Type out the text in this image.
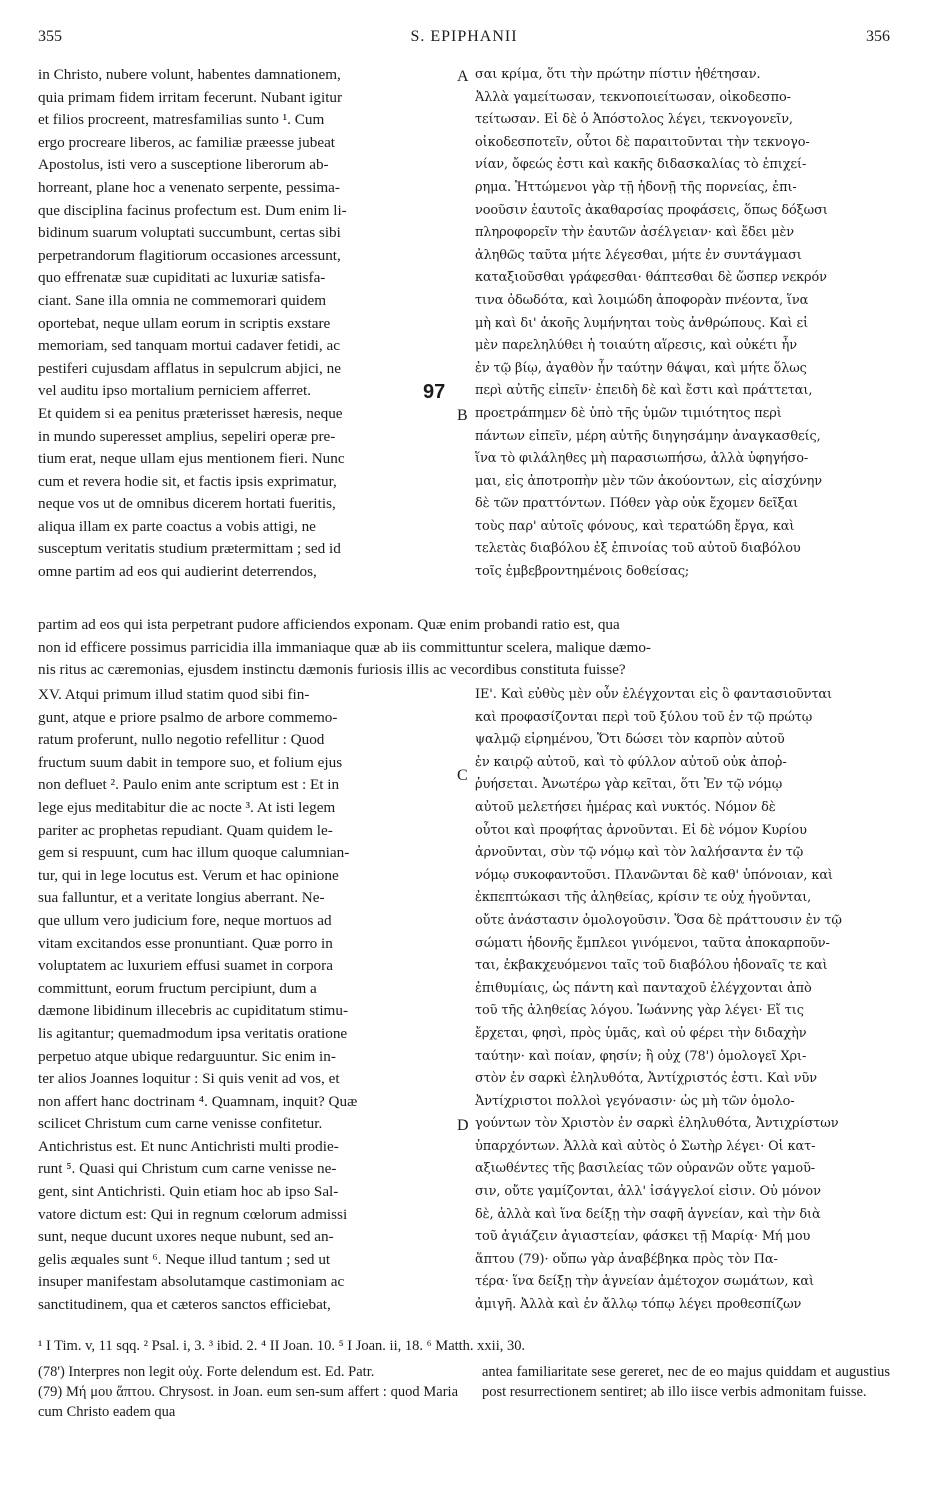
355	S. EPIPHANII	356
in Christo, nubere volunt, habentes damnationem,
quia primam fidem irritam fecerunt. Nubant igitur
et filios procreent, matresfamilias sunto ¹. Cum
ergo procreare liberos, ac familiæ præesse jubeat
Apostolus, isti vero a susceptione liberorum ab-
horreant, plane hoc a venenato serpente, pessima-
que disciplina facinus profectum est. Dum enim li-
bidinum suarum voluptati succumbunt, certas sibi
perpetrandorum flagitiorum occasiones arcessunt,
quo effrenatæ suæ cupiditati ac luxuriæ satisfa-
ciant. Sane illa omnia ne commemorari quidem
oportebat, neque ullam eorum in scriptis exstare
memoriam, sed tanquam mortui cadaver fetidi, ac
pestiferi cujusdam afflatus in sepulcrum abjici, ne
vel auditu ipso mortalium perniciem afferret.
Et quidem si ea penitus præterisset hæresis, neque
in mundo superesset amplius, sepeliri operæ pre-
tium erat, neque ullam ejus mentionem fieri. Nunc
cum et revera hodie sit, et factis ipsis exprimatur,
neque vos ut de omnibus dicerem hortati fueritis,
aliqua illam ex parte coactus a vobis attigi, ne
susceptum veritatis studium prætermittam ; sed id
omne partim ad eos qui audierint deterrendos,
A
97
B
σαι κρίμα, ὅτι τὴν πρώτην πίστιν ἠθέτησαν.
Ἀλλὰ γαμείτωσαν, τεκνοποιείτωσαν, οἰκοδεσπο-
τείτωσαν. Εἰ δὲ ὁ Ἀπόστολος λέγει, τεκνογονεῖν,
οἰκοδεσποτεῖν, οὗτοι δὲ παραιτοῦνται τὴν τεκνογο-
νίαν, ὄφεώς ἐστι καὶ κακῆς διδασκαλίας τὸ ἐπιχεί-
ρημα. Ἡττώμενοι γὰρ τῇ ἡδονῇ τῆς πορνείας, ἐπι-
νοοῦσιν ἑαυτοῖς ἀκαθαρσίας προφάσεις, ὅπως δόξωσι
πληροφορεῖν τὴν ἑαυτῶν ἀσέλγειαν· καὶ ἔδει μὲν
ἀληθῶς ταῦτα μήτε λέγεσθαι, μήτε ἐν συντάγμασι
καταξιοῦσθαι γράφεσθαι· θάπτεσθαι δὲ ὥσπερ νεκρόν
τινα ὀδωδότα, καὶ λοιμώδη ἀποφορὰν πνέοντα, ἵνα
μὴ καὶ δι' ἀκοῆς λυμήνηται τοὺς ἀνθρώπους. Καὶ εἰ
μὲν παρεληλύθει ἡ τοιαύτη αἵρεσις, καὶ οὐκέτι ἦν
ἐν τῷ βίῳ, ἀγαθὸν ἦν ταύτην θάψαι, καὶ μήτε ὅλως
περὶ αὐτῆς εἰπεῖν· ἐπειδὴ δὲ καὶ ἔστι καὶ πράττεται,
προετράπημεν δὲ ὑπὸ τῆς ὑμῶν τιμιότητος περὶ
πάντων εἰπεῖν, μέρη αὐτῆς διηγησάμην ἀναγκασθείς,
ἵνα τὸ φιλάληθες μὴ παρασιωπήσω, ἀλλὰ ὑφηγήσο-
μαι, εἰς ἀποτροπὴν μὲν τῶν ἀκούοντων, εἰς αἰσχύνην
δὲ τῶν πραττόντων. Πόθεν γὰρ οὐκ ἔχομεν δεῖξαι
τοὺς παρ' αὐτοῖς φόνους, καὶ τερατώδη ἔργα, καὶ
τελετὰς διαβόλου ἐξ ἐπινοίας τοῦ αὐτοῦ διαβόλου
τοῖς ἐμβεβροντημένοις δοθείσας;
partim ad eos qui ista perpetrant pudore afficiendos exponam. Quæ enim probandi ratio est, qua
non id efficere possimus parricidia illa immaniaque quæ ab iis committuntur scelera, malique dæmo-
nis ritus ac cæremonias, ejusdem instinctu dæmonis furiosis illis ac vecordibus constituta fuisse?
XV. Atqui primum illud statim quod sibi fin-
gunt, atque e priore psalmo de arbore commemo-
ratum proferunt, nullo negotio refellitur : Quod
fructum suum dabit in tempore suo, et folium ejus
non defluet ². Paulo enim ante scriptum est : Et in
lege ejus meditabitur die ac nocte ³. At isti legem
pariter ac prophetas repudiant. Quam quidem le-
gem si respuunt, cum hac illum quoque calumnian-
tur, qui in lege locutus est. Verum et hac opinione
sua falluntur, et a veritate longius aberrant. Ne-
que ullum vero judicium fore, neque mortuos ad
vitam excitandos esse pronuntiant. Quæ porro in
voluptatem ac luxuriem effusi suamet in corpora
committunt, eorum fructum percipiunt, dum a
dæmone libidinum illecebris ac cupiditatum stimu-
lis agitantur; quemadmodum ipsa veritatis oratione
perpetuo atque ubique redarguuntur. Sic enim in-
ter alios Joannes loquitur : Si quis venit ad vos, et
non affert hanc doctrinam ⁴. Quamnam, inquit? Quæ
scilicet Christum cum carne venisse confitetur.
Antichristus est. Et nunc Antichristi multi prodie-
runt ⁵. Quasi qui Christum cum carne venisse ne-
gent, sint Antichristi. Quin etiam hoc ab ipso Sal-
vatore dictum est: Qui in regnum cœlorum admissi
sunt, neque ducunt uxores neque nubunt, sed an-
gelis æquales sunt ⁶. Neque illud tantum ; sed ut
insuper manifestam absolutamque castimoniam ac
sanctitudinem, qua et cæteros sanctos efficiebat,
C
D
ΙΕ'. Καὶ εὐθὺς μὲν οὖν ἐλέγχονται εἰς ὃ φαντασιοῦνται
καὶ προφασίζονται περὶ τοῦ ξύλου τοῦ ἐν τῷ πρώτῳ
ψαλμῷ εἰρημένου, Ὅτι δώσει τὸν καρπὸν αὐτοῦ
ἐν καιρῷ αὐτοῦ, καὶ τὸ φύλλον αὐτοῦ οὐκ ἀποῤ-
ῥυήσεται. Ἀνωτέρω γὰρ κεῖται, ὅτι Ἐν τῷ νόμῳ
αὐτοῦ μελετήσει ἡμέρας καὶ νυκτός. Νόμον δὲ
οὗτοι καὶ προφήτας ἀρνοῦνται. Εἰ δὲ νόμον Κυρίου
ἀρνοῦνται, σὺν τῷ νόμῳ καὶ τὸν λαλήσαντα ἐν τῷ
νόμῳ συκοφαντοῦσι. Πλανῶνται δὲ καθ' ὑπόνοιαν, καὶ
ἐκπεπτώκασι τῆς ἀληθείας, κρίσιν τε οὐχ ἡγοῦνται,
οὔτε ἀνάστασιν ὁμολογοῦσιν. Ὅσα δὲ πράττουσιν ἐν τῷ
σώματι ἡδονῆς ἔμπλεοι γινόμενοι, ταῦτα ἀποκαρποῦν-
ται, ἐκβακχευόμενοι ταῖς τοῦ διαβόλου ἡδοναῖς τε καὶ
ἐπιθυμίαις, ὡς πάντη καὶ πανταχοῦ ἐλέγχονται ἀπὸ
τοῦ τῆς ἀληθείας λόγου. Ἰωάννης γὰρ λέγει· Εἴ τις
ἔρχεται, φησὶ, πρὸς ὑμᾶς, καὶ οὐ φέρει τὴν διδαχὴν
ταύτην· καὶ ποίαν, φησίν; ἢ οὐχ (78') ὁμολογεῖ Χρι-
στὸν ἐν σαρκὶ ἐληλυθότα, Ἀντίχριστός ἐστι. Καὶ νῦν
Ἀντίχριστοι πολλοὶ γεγόνασιν· ὡς μὴ τῶν ὁμολο-
γούντων τὸν Χριστὸν ἐν σαρκὶ ἐληλυθότα, Ἀντιχρίστων
ὑπαρχόντων. Ἀλλὰ καὶ αὐτὸς ὁ Σωτὴρ λέγει· Οἱ κατ-
αξιωθέντες τῆς βασιλείας τῶν οὐρανῶν οὔτε γαμοῦ-
σιν, οὔτε γαμίζονται, ἀλλ' ἰσάγγελοί εἰσιν. Οὐ μόνον
δὲ, ἀλλὰ καὶ ἵνα δείξῃ τὴν σαφῆ ἁγνείαν, καὶ τὴν διὰ
τοῦ ἁγιάζειν ἁγιαστείαν, φάσκει τῇ Μαρίᾳ· Μή μου
ἅπτου (79)· οὔπω γὰρ ἀναβέβηκα πρὸς τὸν Πα-
τέρα· ἵνα δείξῃ τὴν ἁγνείαν ἀμέτοχον σωμάτων, καὶ
ἀμιγῆ. Ἀλλὰ καὶ ἐν ἄλλῳ τόπῳ λέγει προθεσπίζων
¹ I Tim. v, 11 sqq. ² Psal. i, 3. ³ ibid. 2. ⁴ II Joan. 10. ⁵ I Joan. ii, 18. ⁶ Matth. xxii, 30.
(78') Interpres non legit οὐχ. Forte delendum est. Ed. Patr.
(79) Μή μου ἅπτου. Chrysost. in Joan. eum sen-sum affert : quod Maria cum Christo eadem qua
antea familiaritate sese gereret, nec de eo majus quiddam et augustius post resurrectionem sentiret; ab illo iisce verbis admonitam fuisse.
